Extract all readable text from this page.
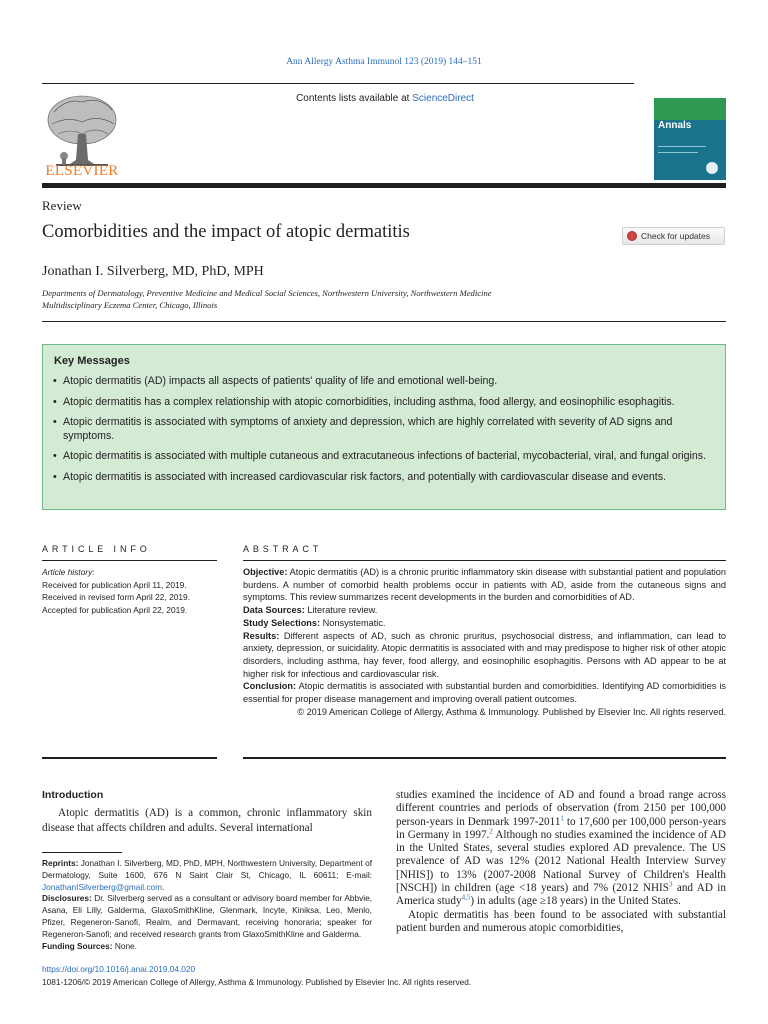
Ann Allergy Asthma Immunol 123 (2019) 144–151
ELSEVIER
Contents lists available at ScienceDirect
Annals
Review
Comorbidities and the impact of atopic dermatitis	Check for updates
Jonathan I. Silverberg, MD, PhD, MPH
Departments of Dermatology, Preventive Medicine and Medical Social Sciences, Northwestern University, Northwestern Medicine
Multidisciplinary Eczema Center, Chicago, Illinois
Key Messages
• Atopic dermatitis (AD) impacts all aspects of patients' quality of life and emotional well-being.
• Atopic dermatitis has a complex relationship with atopic comorbidities, including asthma, food allergy, and eosinophilic esophagitis.
• Atopic dermatitis is associated with symptoms of anxiety and depression, which are highly correlated with severity of AD signs and symptoms.
• Atopic dermatitis is associated with multiple cutaneous and extracutaneous infections of bacterial, mycobacterial, viral, and fungal origins.
• Atopic dermatitis is associated with increased cardiovascular risk factors, and potentially with cardiovascular disease and events.
ARTICLE INFO	ABSTRACT
Article history:
Received for publication April 11, 2019.
Received in revised form April 22, 2019.
Accepted for publication April 22, 2019.

Objective: Atopic dermatitis (AD) is a chronic pruritic inflammatory skin disease with substantial patient and population burdens. A number of comorbid health problems occur in patients with AD, aside from the cutaneous signs and symptoms. This review summarizes recent developments in the burden and comorbidities of AD.

Data Sources: Literature review.

Study Selections: Nonsystematic.

Results: Different aspects of AD, such as chronic pruritus, psychosocial distress, and inflammation, can lead to anxiety, depression, or suicidality. Atopic dermatitis is associated with and may predispose to higher risk of other atopic disorders, including asthma, hay fever, food allergy, and eosinophilic esophagitis. Persons with AD appear to be at higher risk for infectious and cardiovascular risk.

Conclusion: Atopic dermatitis is associated with substantial burden and comorbidities. Identifying AD comorbidities is essential for proper disease management and improving overall patient outcomes.

© 2019 American College of Allergy, Asthma & Immunology. Published by Elsevier Inc. All rights reserved.

Introduction
Atopic dermatitis (AD) is a common, chronic inflammatory skin disease that affects children and adults. Several international

Reprints: Jonathan I. Silverberg, MD, PhD, MPH, Northwestern University, Department of Dermatology, Suite 1600, 676 N Saint Clair St, Chicago, IL 60611; E-mail: JonathanISilverberg@gmail.com.

Disclosures: Dr. Silverberg served as a consultant or advisory board member for Abbvie, Asana, Eli Lilly, Galderma, GlaxoSmithKline, Glenmark, Incyte, Kiniksa, Leo, Menlo, Pfizer, Regeneron-Sanofi, Realm, and Dermavant, receiving honoraria; speaker for Regeneron-Sanofi; and received research grants from GlaxoSmithKline and Galderma.

Funding Sources: None.

studies examined the incidence of AD and found a broad range across different countries and periods of observation (from 2150 per 100,000 person-years in Denmark 1997-2011$^1$ to 17,600 per 100,000 person-years in Germany in 1997.$^2$ Although no studies examined the incidence of AD in the United States, several studies explored AD prevalence. The US prevalence of AD was 12% (2012 National Health Interview Survey [NHIS]) to 13% (2007-2008 National Survey of Children's Health [NSCH]) in children (age <18 years) and 7% (2012 NHIS$^3$ and AD in America study$^{4,5}$) in adults (age ≥18 years) in the United States.

Atopic dermatitis has been found to be associated with substantial patient burden and numerous atopic comorbidities,

https://doi.org/10.1016/j.anai.2019.04.020
1081-1206/© 2019 American College of Allergy, Asthma & Immunology. Published by Elsevier Inc. All rights reserved.
